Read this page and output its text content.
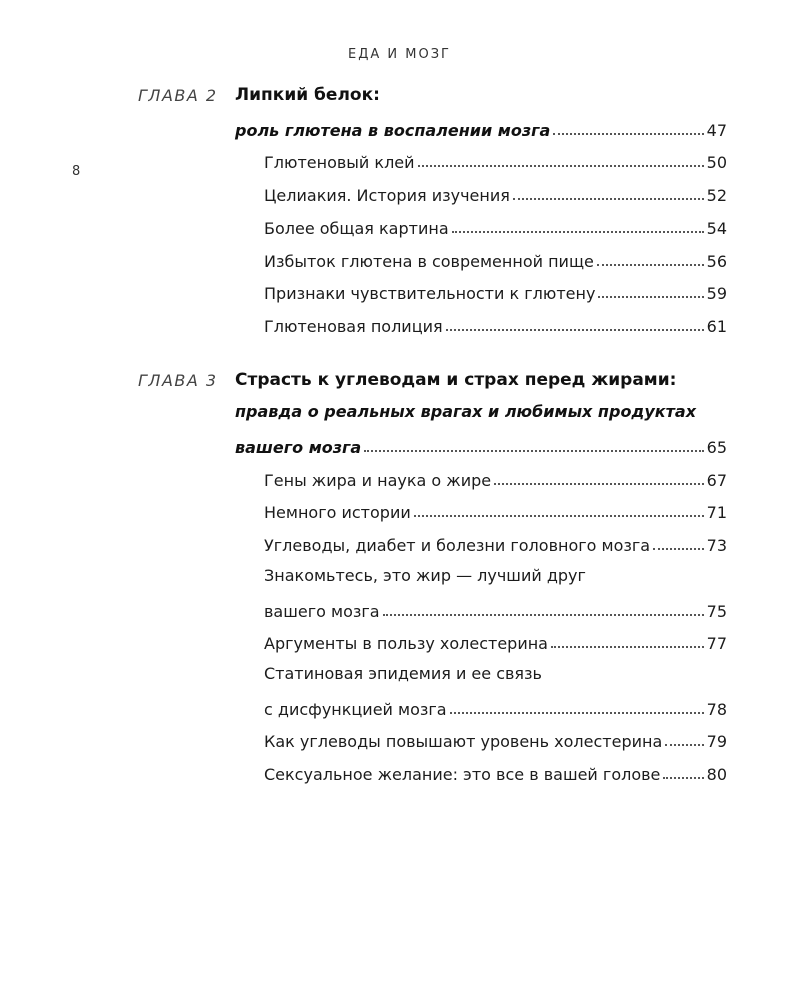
ЕДА И МОЗГ
8
ГЛАВА 2 Липкий белок:
роль глютена в воспалении мозга	47
Глютеновый клей	50
Целиакия. История изучения	52
Более общая картина	54
Избыток глютена в современной пище	56
Признаки чувствительности к глютену	59
Глютеновая полиция	61
ГЛАВА 3 Страсть к углеводам и страх перед жирами:
правда о реальных врагах и любимых продуктах
вашего мозга	65
Гены жира и наука о жире	67
Немного истории	71
Углеводы, диабет и болезни головного мозга	73
Знакомьтесь, это жир — лучший друг
вашего мозга	75
Аргументы в пользу холестерина	77
Статиновая эпидемия и ее связь
с дисфункцией мозга	78
Как углеводы повышают уровень холестерина	79
Сексуальное желание: это все в вашей голове	80
